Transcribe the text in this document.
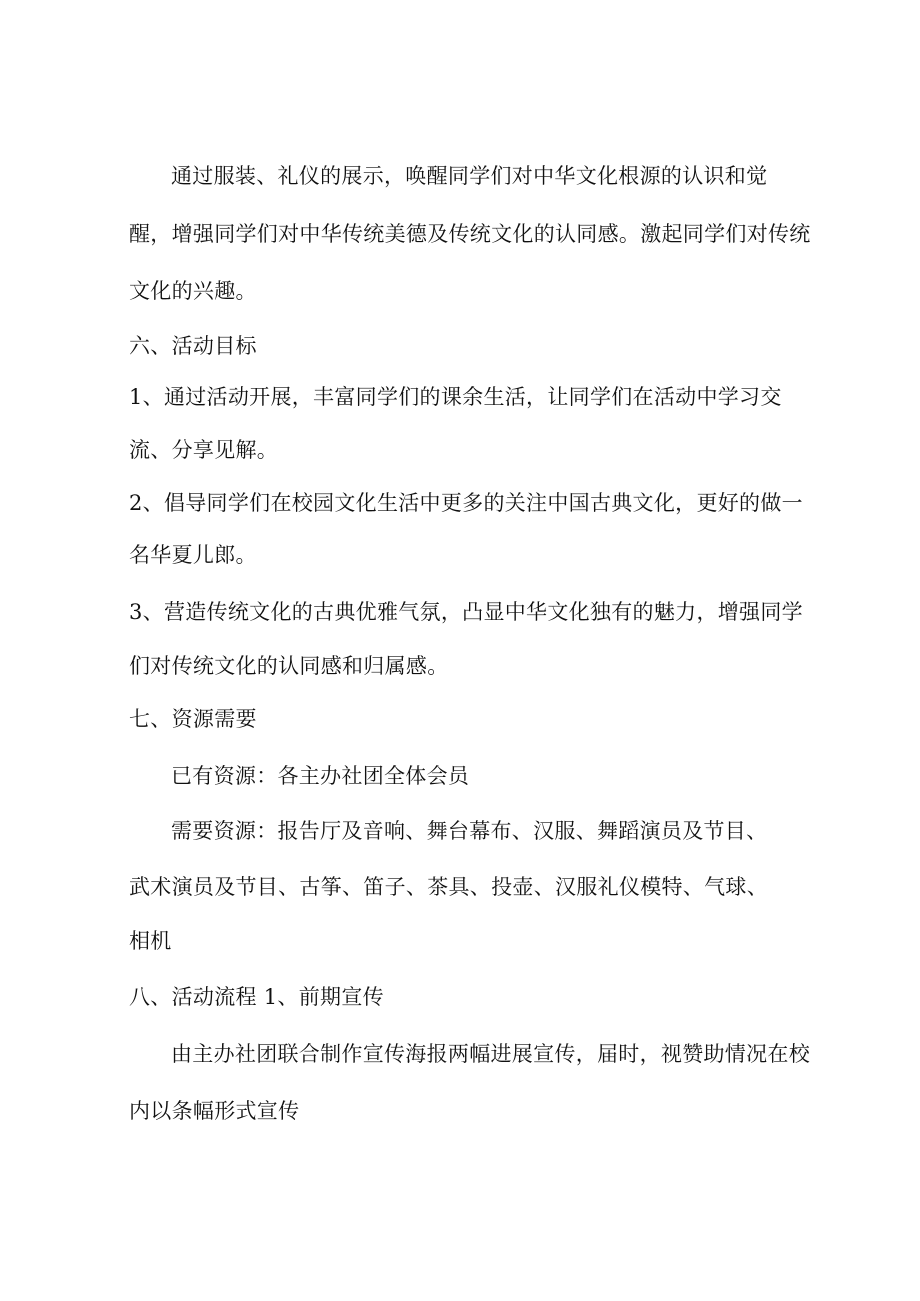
通过服装、礼仪的展示，唤醒同学们对中华文化根源的认识和觉
醒，增强同学们对中华传统美德及传统文化的认同感。激起同学们对传统
文化的兴趣。
六、活动目标
1、通过活动开展，丰富同学们的课余生活，让同学们在活动中学习交
流、分享见解。
2、倡导同学们在校园文化生活中更多的关注中国古典文化，更好的做一
名华夏儿郎。
3、营造传统文化的古典优雅气氛，凸显中华文化独有的魅力，增强同学
们对传统文化的认同感和归属感。
七、资源需要
已有资源：各主办社团全体会员
需要资源：报告厅及音响、舞台幕布、汉服、舞蹈演员及节目、
武术演员及节目、古筝、笛子、茶具、投壶、汉服礼仪模特、气球、
相机
八、活动流程 1、前期宣传
由主办社团联合制作宣传海报两幅进展宣传，届时，视赞助情况在校
内以条幅形式宣传
